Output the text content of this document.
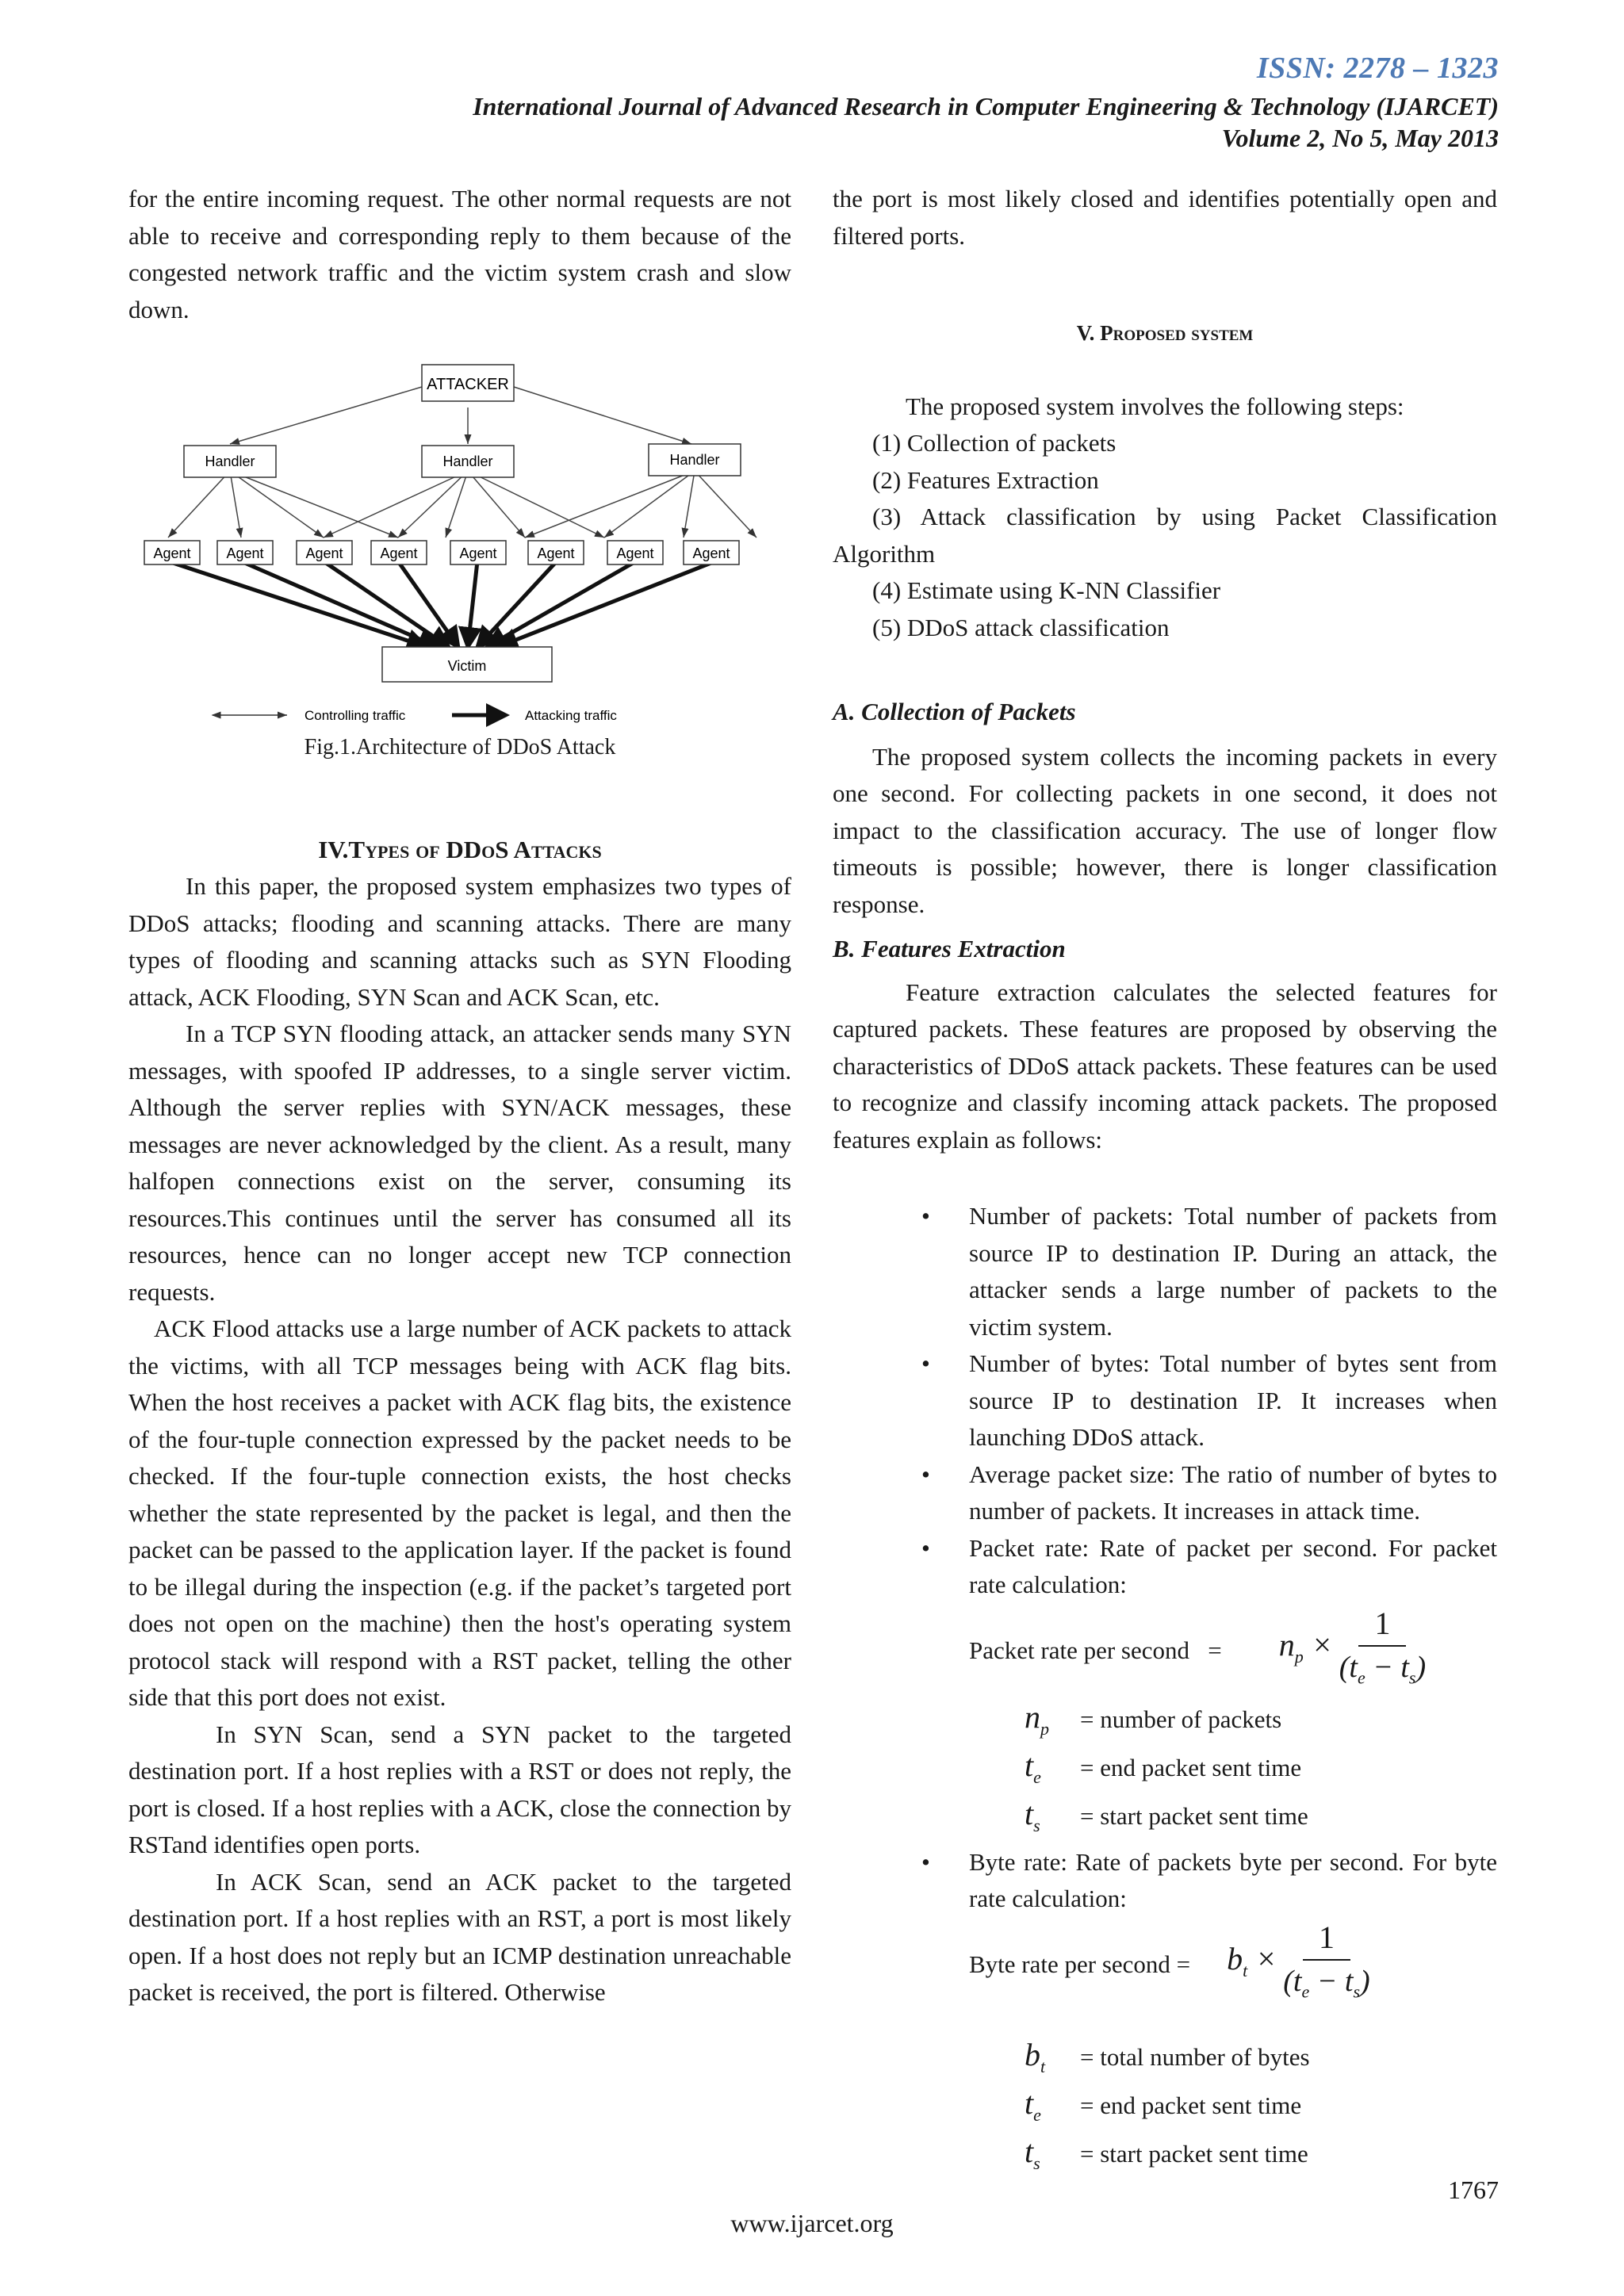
ISSN: 2278 – 1323
International Journal of Advanced Research in Computer Engineering & Technology (IJARCET)
Volume 2, No 5, May 2013

for the entire incoming request. The other normal requests are not able to receive and corresponding reply to them because of the congested network traffic and the victim system crash and slow down.

ATTACKER
Handler	Handler	Handler
Agent Agent	Agent	Agent	Agent	Agent	Agent	Agent
Victim
Controlling traffic	Attacking traffic
Fig.1.Architecture of DDoS Attack

IV.Types of DDoS Attacks

In this paper, the proposed system emphasizes two types of DDoS attacks; flooding and scanning attacks. There are many types of flooding and scanning attacks such as SYN Flooding attack, ACK Flooding, SYN Scan and ACK Scan, etc.

In a TCP SYN flooding attack, an attacker sends many SYN messages, with spoofed IP addresses, to a single server victim. Although the server replies with SYN/ACK messages, these messages are never acknowledged by the client. As a result, many halfopen connections exist on the server, consuming its resources.This continues until the server has consumed all its resources, hence can no longer accept new TCP connection requests.

ACK Flood attacks use a large number of ACK packets to attack the victims, with all TCP messages being with ACK flag bits. When the host receives a packet with ACK flag bits, the existence of the four-tuple connection expressed by the packet needs to be checked. If the four-tuple connection exists, the host checks whether the state represented by the packet is legal, and then the packet can be passed to the application layer. If the packet is found to be illegal during the inspection (e.g. if the packet’s targeted port does not open on the machine) then the host's operating system protocol stack will respond with a RST packet, telling the other side that this port does not exist.

In SYN Scan, send a SYN packet to the targeted destination port. If a host replies with a RST or does not reply, the port is closed. If a host replies with a ACK, close the connection by RSTand identifies open ports.

In ACK Scan, send an ACK packet to the targeted destination port. If a host replies with an RST, a port is most likely open. If a host does not reply but an ICMP destination unreachable packet is received, the port is filtered. Otherwise

the port is most likely closed and identifies potentially open and filtered ports.

V. Proposed system

The proposed system involves the following steps:

(1) Collection of packets

(2) Features Extraction

(3) Attack classification by using Packet Classification Algorithm

(4) Estimate using K-NN Classifier

(5) DDoS attack classification

A. Collection of Packets

The proposed system collects the incoming packets in every one second. For collecting packets in one second, it does not impact to the classification accuracy. The use of longer flow timeouts is possible; however, there is longer classification response.

B. Features Extraction

Feature extraction calculates the selected features for captured packets. These features are proposed by observing the characteristics of DDoS attack packets. These features can be used to recognize and classify incoming attack packets. The proposed features explain as follows:

• Number of packets: Total number of packets from source IP to destination IP. During an attack, the attacker sends a large number of packets to the victim system.
• Number of bytes: Total number of bytes sent from source IP to destination IP. It increases when launching DDoS attack.
• Average packet size: The ratio of number of bytes to number of packets. It increases in attack time.
• Packet rate: Rate of packet per second. For packet rate calculation:
Packet rate per second   = $n_p \times \frac{1}{(t_e - t_s)}$

$n_p$ = number of packets

$t_e$ = end packet sent time

$t_s$ = start packet sent time

• Byte rate: Rate of packets byte per second. For byte rate calculation:
Byte rate per second = $b_t \times \frac{1}{(t_e - t_s)}$

$b_t$ = total number of bytes

$t_e$ = end packet sent time

$t_s$ = start packet sent time

1767
www.ijarcet.org
